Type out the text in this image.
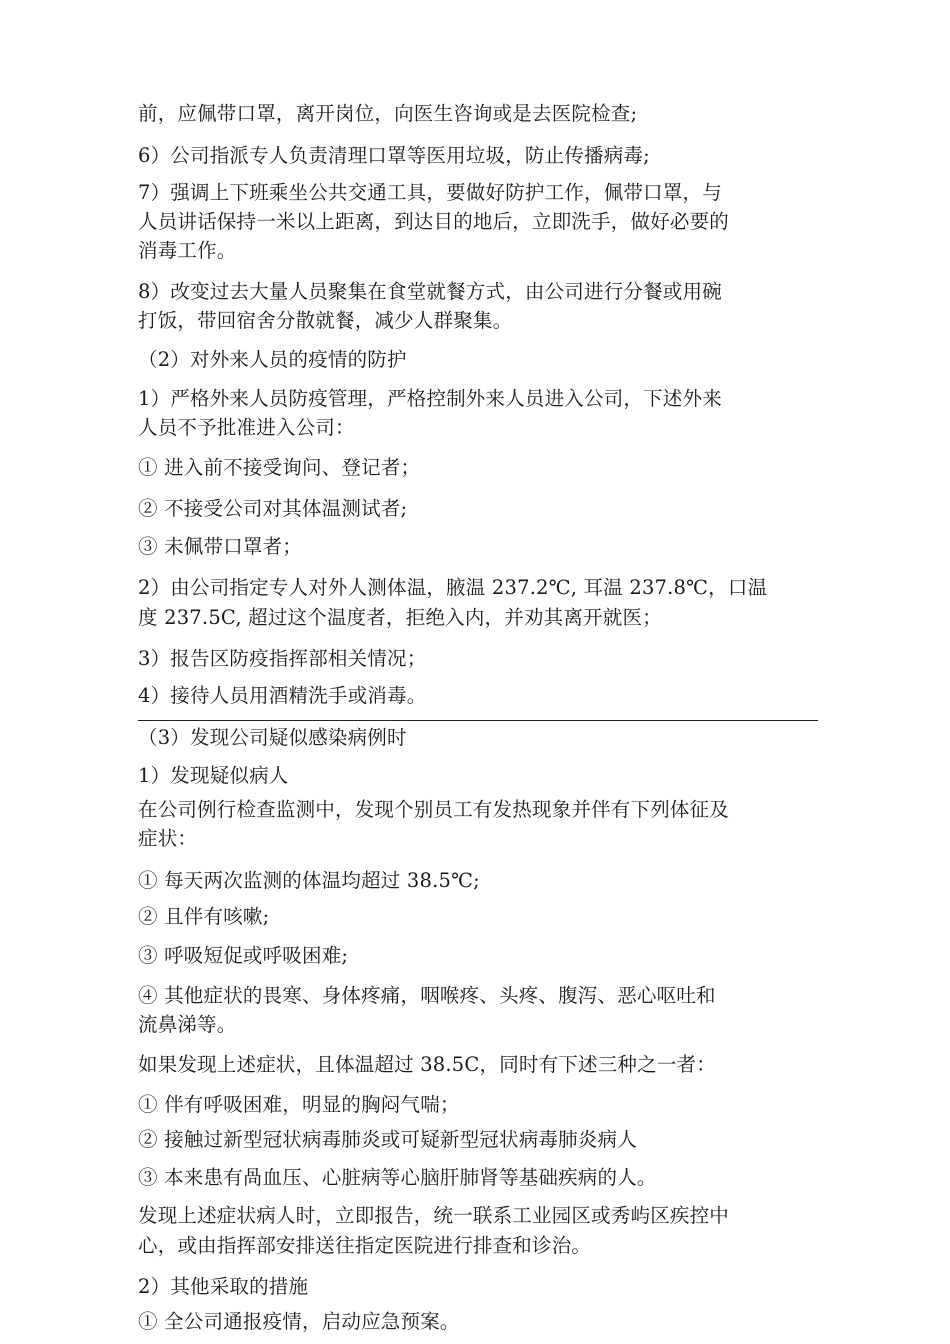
前，应佩带口罩，离开岗位，向医生咨询或是去医院检查;
6）公司指派专人负责清理口罩等医用垃圾，防止传播病毒;
7）强调上下班乘坐公共交通工具，要做好防护工作，佩带口罩，与
人员讲话保持一米以上距离，到达目的地后，立即洗手，做好必要的
消毒工作。
8）改变过去大量人员聚集在食堂就餐方式，由公司进行分餐或用碗
打饭，带回宿舍分散就餐，减少人群聚集。
（2）对外来人员的疫情的防护
1）严格外来人员防疫管理，严格控制外来人员进入公司，下述外来
人员不予批准进入公司：
① 进入前不接受询问、登记者；
② 不接受公司对其体温测试者;
③ 未佩带口罩者；
2）由公司指定专人对外人测体温，腋温 237.2℃, 耳温 237.8℃，口温
度 237.5C, 超过这个温度者，拒绝入内，并劝其离开就医；
3）报告区防疫指挥部相关情况；
4）接待人员用酒精洗手或消毒。
（3）发现公司疑似感染病例时
1）发现疑似病人
在公司例行检查监测中，发现个别员工有发热现象并伴有下列体征及
症状：
① 每天两次监测的体温均超过 38.5℃;
② 且伴有咳嗽;
③ 呼吸短促或呼吸困难;
④ 其他症状的畏寒、身体疼痛，咽喉疼、头疼、腹泻、恶心呕吐和
流鼻涕等。
如果发现上述症状，且体温超过 38.5C，同时有下述三种之一者：
① 伴有呼吸困难，明显的胸闷气喘；
② 接触过新型冠状病毒肺炎或可疑新型冠状病毒肺炎病人
③ 本来患有咼血压、心脏病等心脑肝肺肾等基础疾病的人。
发现上述症状病人时，立即报告，统一联系工业园区或秀屿区疾控中
心，或由指挥部安排送往指定医院进行排查和诊治。
2）其他采取的措施
① 全公司通报疫情，启动应急预案。
